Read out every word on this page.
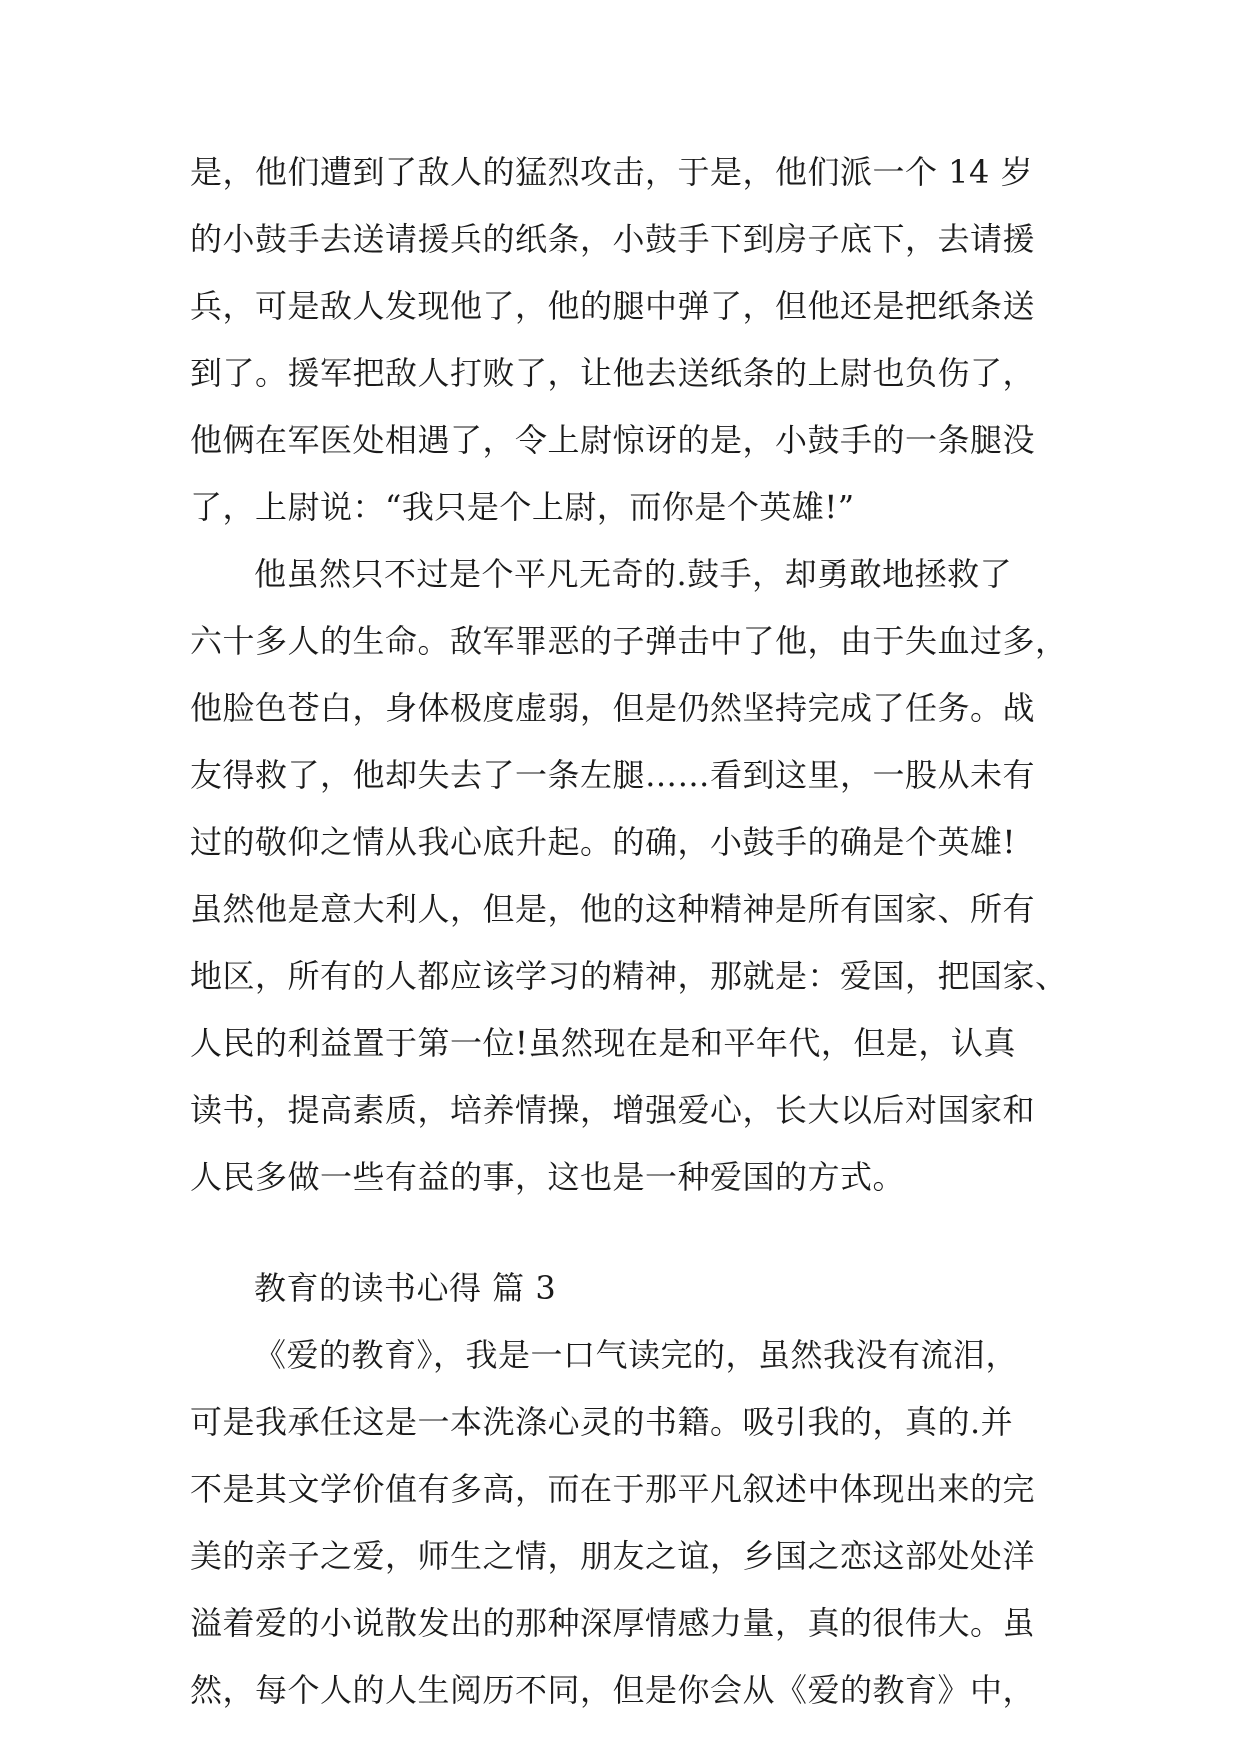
是，他们遭到了敌人的猛烈攻击，于是，他们派一个 14 岁
的小鼓手去送请援兵的纸条，小鼓手下到房子底下，去请援
兵，可是敌人发现他了，他的腿中弹了，但他还是把纸条送
到了。援军把敌人打败了，让他去送纸条的上尉也负伤了，
他俩在军医处相遇了，令上尉惊讶的是，小鼓手的一条腿没
了，上尉说：“我只是个上尉，而你是个英雄!”
他虽然只不过是个平凡无奇的.鼓手，却勇敢地拯救了
六十多人的生命。敌军罪恶的子弹击中了他，由于失血过多，
他脸色苍白，身体极度虚弱，但是仍然坚持完成了任务。战
友得救了，他却失去了一条左腿……看到这里，一股从未有
过的敬仰之情从我心底升起。的确，小鼓手的确是个英雄!
虽然他是意大利人，但是，他的这种精神是所有国家、所有
地区，所有的人都应该学习的精神，那就是：爱国，把国家、
人民的利益置于第一位!虽然现在是和平年代，但是，认真
读书，提高素质，培养情操，增强爱心，长大以后对国家和
人民多做一些有益的事，这也是一种爱国的方式。
教育的读书心得 篇 3
《爱的教育》，我是一口气读完的，虽然我没有流泪，
可是我承任这是一本洗涤心灵的书籍。吸引我的，真的.并
不是其文学价值有多高，而在于那平凡叙述中体现出来的完
美的亲子之爱，师生之情，朋友之谊，乡国之恋这部处处洋
溢着爱的小说散发出的那种深厚情感力量，真的很伟大。虽
然，每个人的人生阅历不同，但是你会从《爱的教育》中，
